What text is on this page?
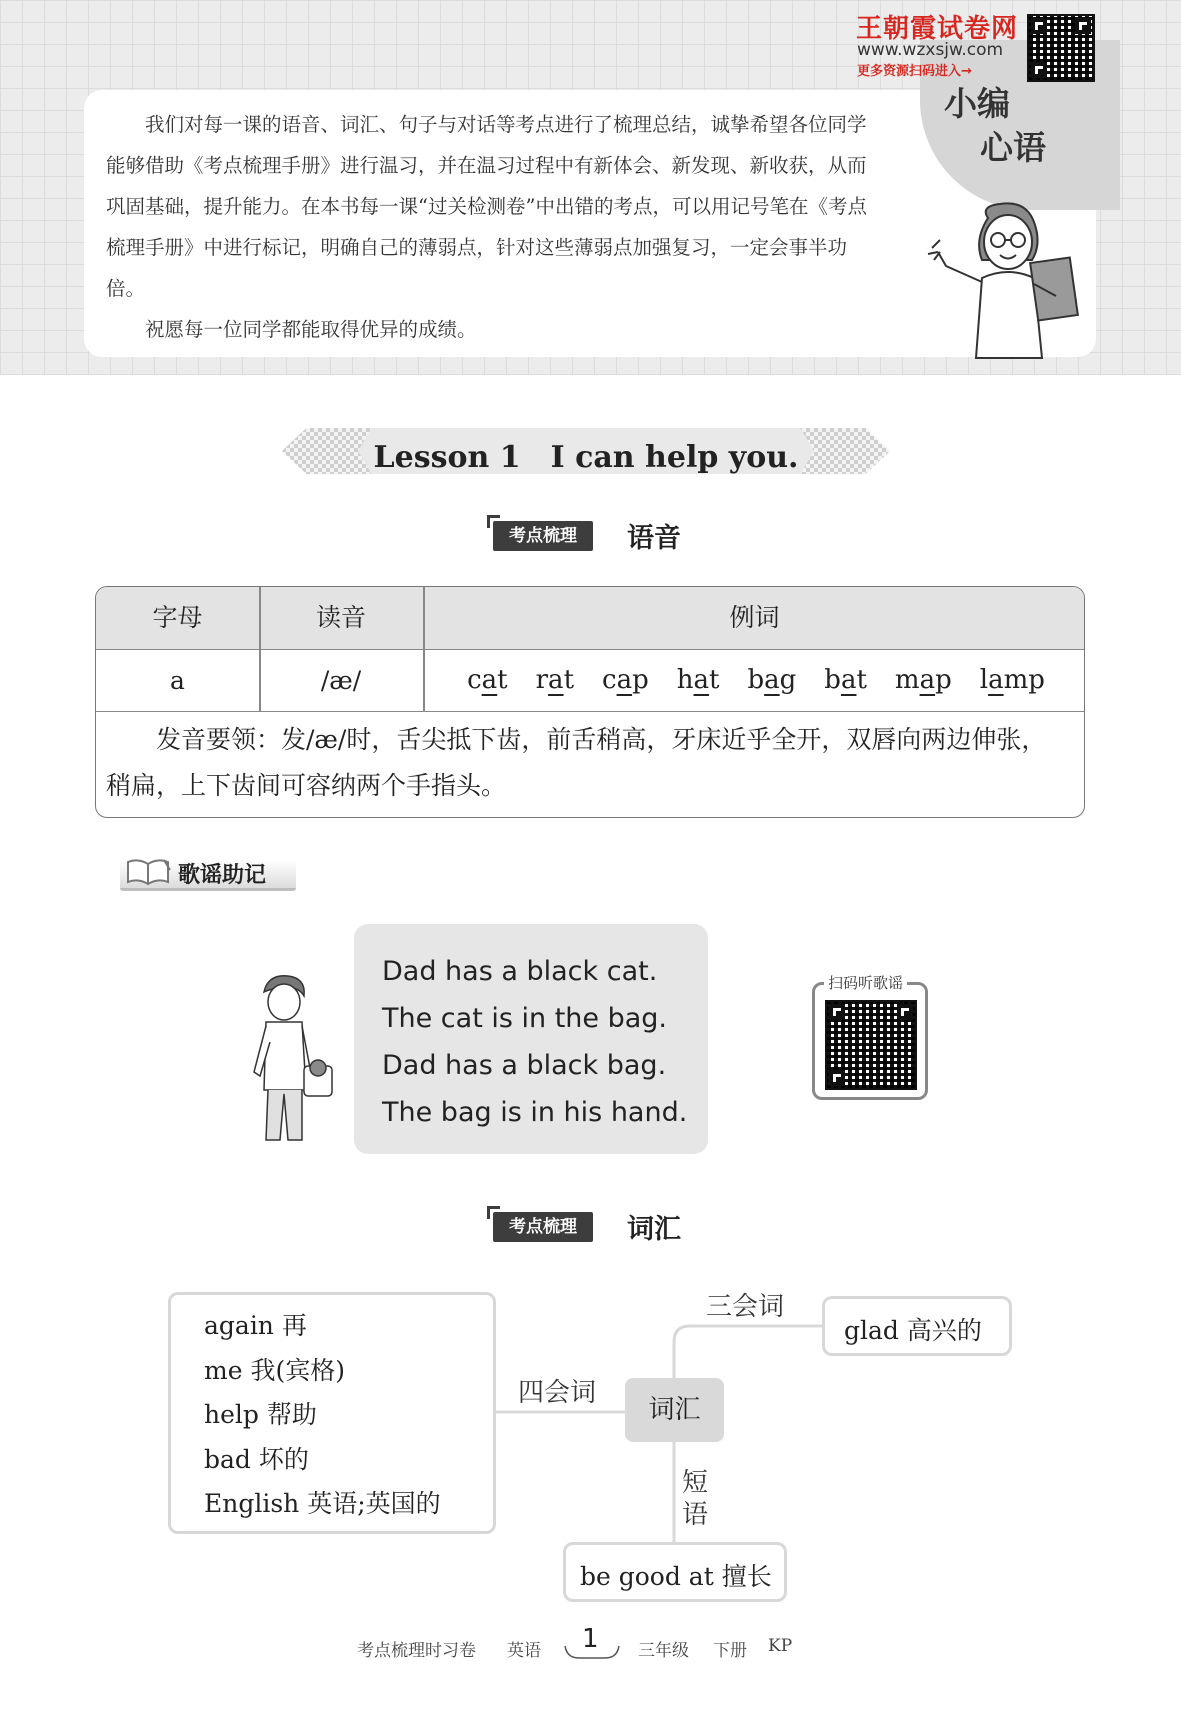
小编
心语
王朝霞试卷网
www.wzxsjw.com
更多资源扫码进入→

我们对每一课的语音、词汇、句子与对话等考点进行了梳理总结，诚挚希望各位同学能够借助《考点梳理手册》进行温习，并在温习过程中有新体会、新发现、新收获，从而巩固基础，提升能力。在本书每一课“过关检测卷”中出错的考点，可以用记号笔在《考点梳理手册》中进行标记，明确自己的薄弱点，针对这些薄弱点加强复习，一定会事半功倍。

祝愿每一位同学都能取得优异的成绩。

Lesson 1　I can help you.
考点梳理	语音
字母	读音	例词
a	/æ/	cat rat cap hat bag bat map lamp
发音要领：发/æ/时，舌尖抵下齿，前舌稍高，牙床近乎全开，双唇向两边伸张，稍扁，上下齿间可容纳两个手指头。
歌谣助记
Dad has a black cat.
The cat is in the bag.
Dad has a black bag.
The bag is in his hand.
扫码听歌谣
考点梳理	词汇
again 再
me 我(宾格)
help 帮助
bad 坏的
English 英语;英国的
四会词
词汇
三会词
glad 高兴的
短
语
be good at 擅长
考点梳理时习卷 英语 1 三年级 下册 KP
